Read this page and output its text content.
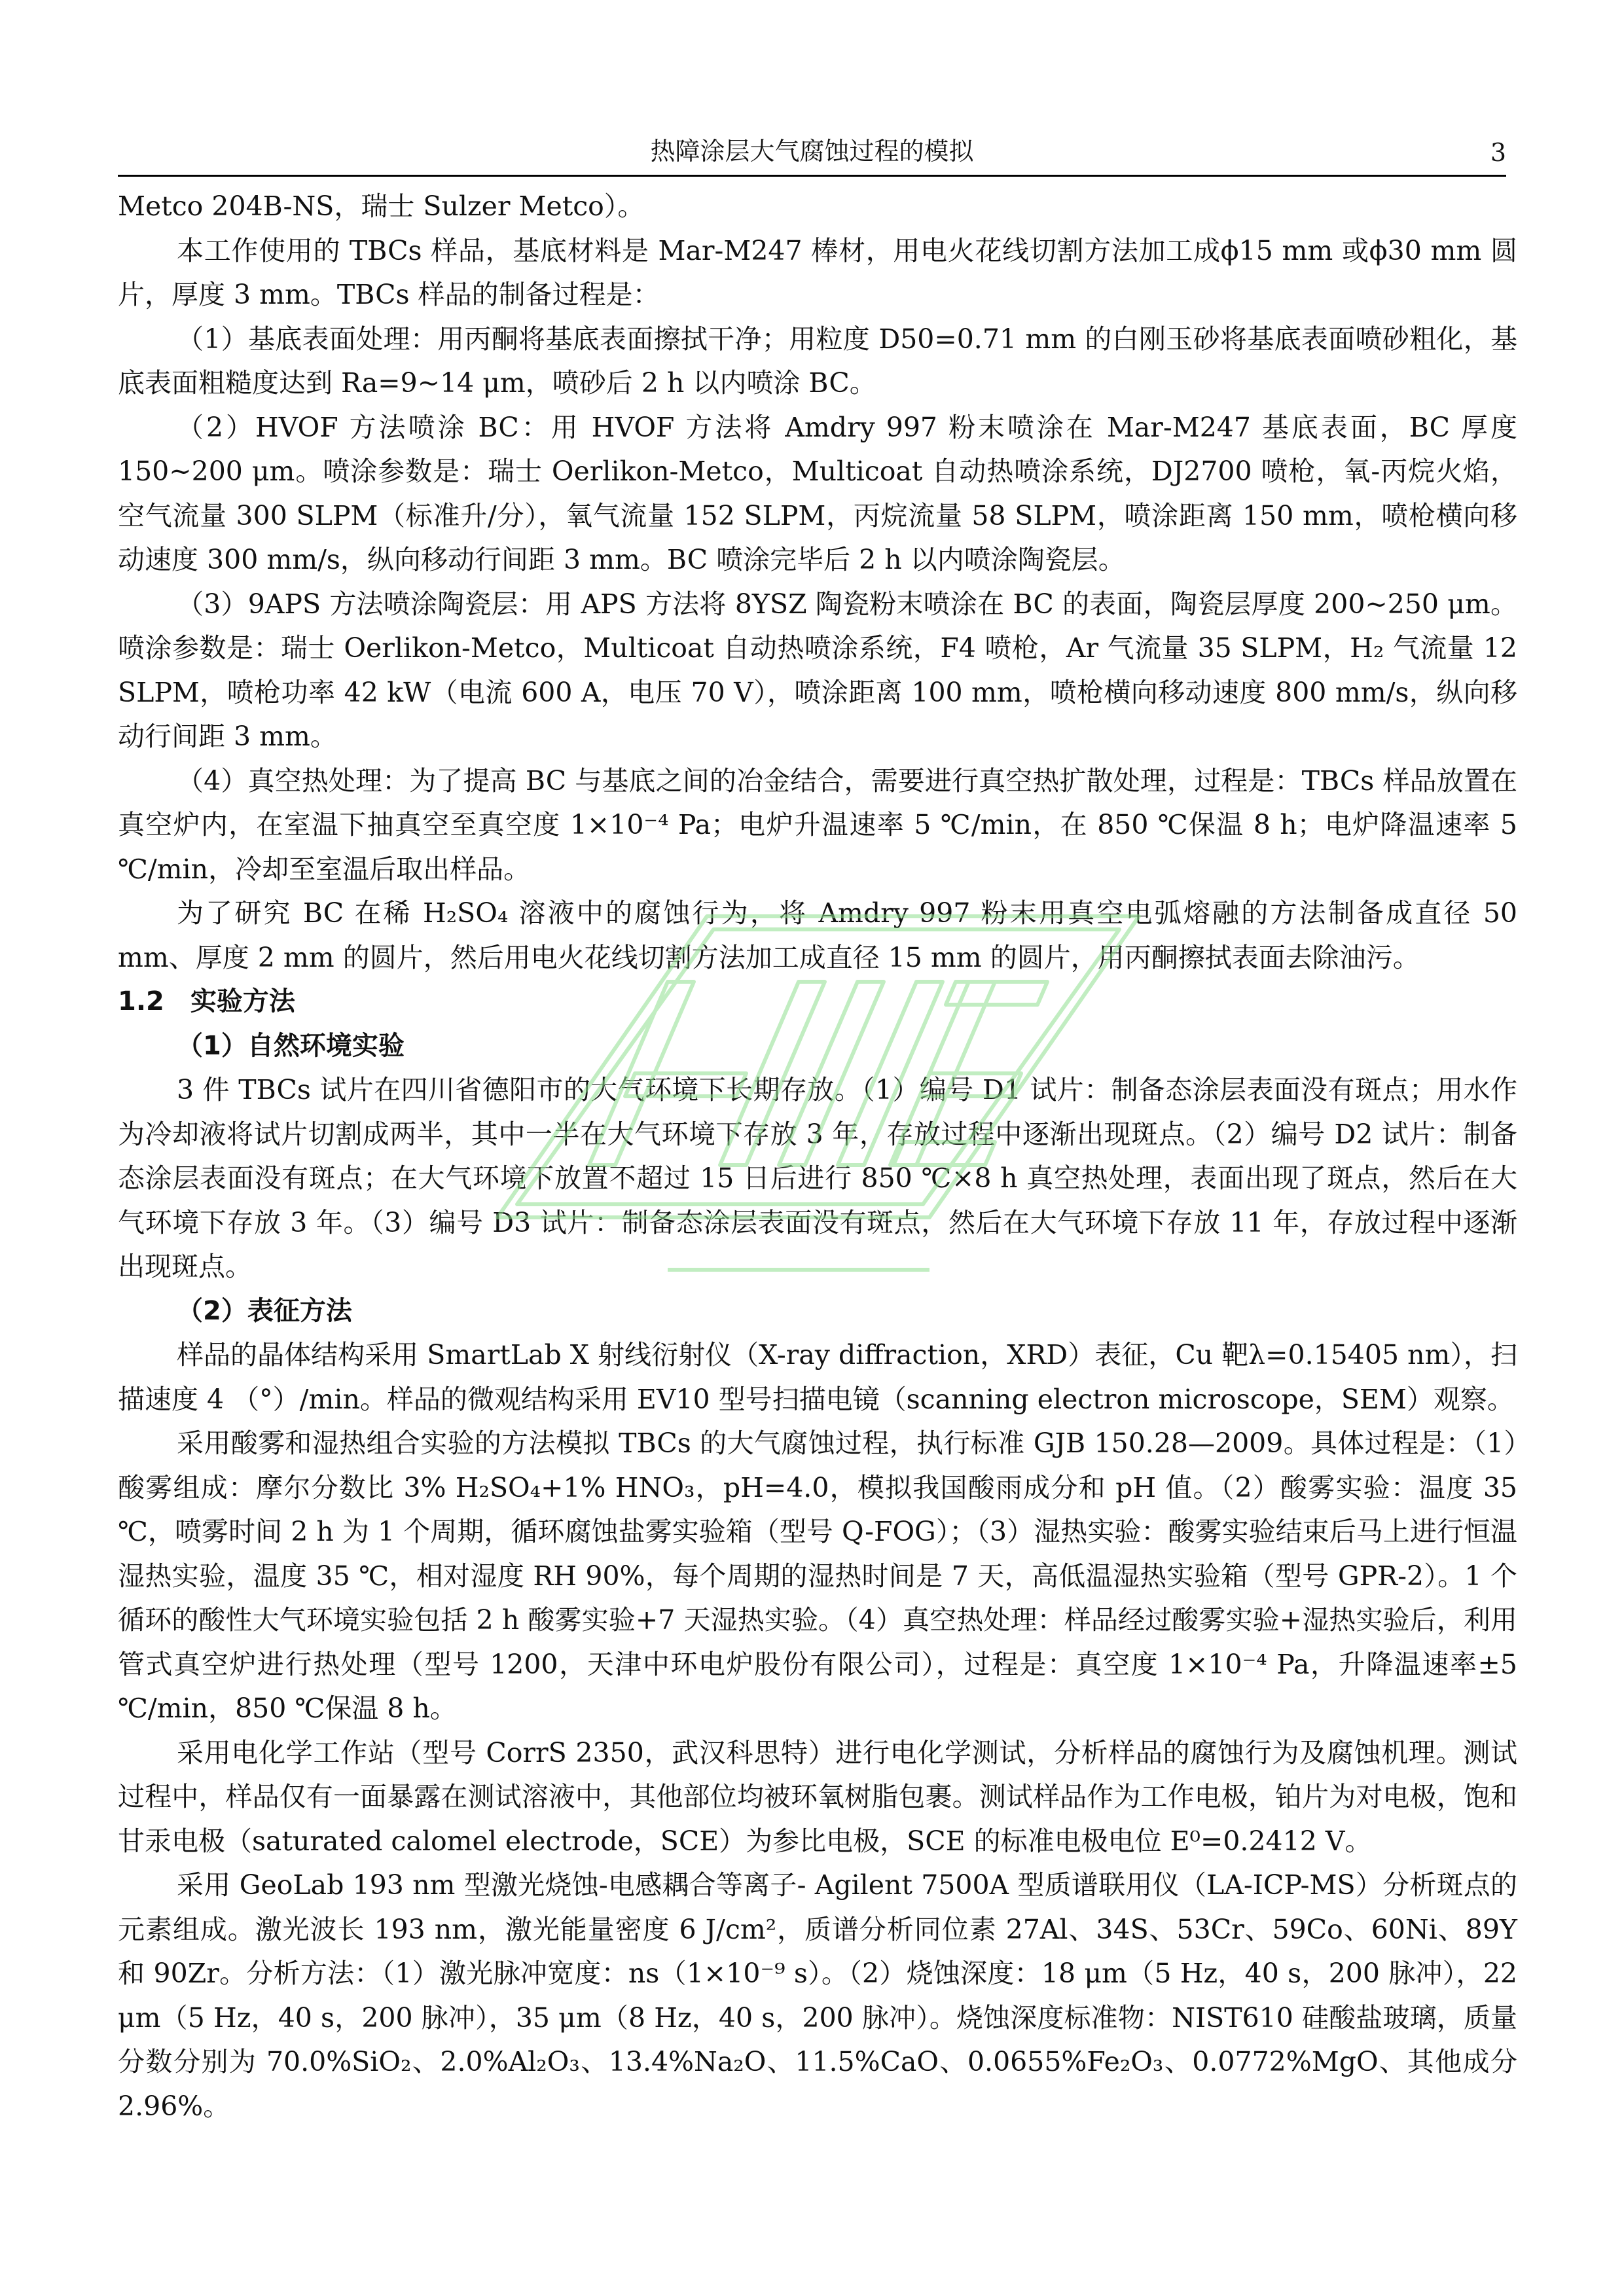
热障涂层大气腐蚀过程的模拟	3

Metco 204B-NS，瑞士 Sulzer Metco）。

本工作使用的 TBCs 样品，基底材料是 Mar-M247 棒材，用电火花线切割方法加工成ϕ15 mm 或ϕ30 mm 圆片，厚度 3 mm。TBCs 样品的制备过程是：

（1）基底表面处理：用丙酮将基底表面擦拭干净；用粒度 D50=0.71 mm 的白刚玉砂将基底表面喷砂粗化，基底表面粗糙度达到 Ra=9~14 μm，喷砂后 2 h 以内喷涂 BC。

（2）HVOF 方法喷涂 BC：用 HVOF 方法将 Amdry 997 粉末喷涂在 Mar-M247 基底表面，BC 厚度 150~200 μm。喷涂参数是：瑞士 Oerlikon-Metco，Multicoat 自动热喷涂系统，DJ2700 喷枪，氧-丙烷火焰，空气流量 300 SLPM（标准升/分），氧气流量 152 SLPM，丙烷流量 58 SLPM，喷涂距离 150 mm，喷枪横向移动速度 300 mm/s，纵向移动行间距 3 mm。BC 喷涂完毕后 2 h 以内喷涂陶瓷层。

（3）9APS 方法喷涂陶瓷层：用 APS 方法将 8YSZ 陶瓷粉末喷涂在 BC 的表面，陶瓷层厚度 200~250 μm。喷涂参数是：瑞士 Oerlikon-Metco，Multicoat 自动热喷涂系统，F4 喷枪，Ar 气流量 35 SLPM，H₂ 气流量 12 SLPM，喷枪功率 42 kW（电流 600 A，电压 70 V），喷涂距离 100 mm，喷枪横向移动速度 800 mm/s，纵向移动行间距 3 mm。

（4）真空热处理：为了提高 BC 与基底之间的冶金结合，需要进行真空热扩散处理，过程是：TBCs 样品放置在真空炉内，在室温下抽真空至真空度 1×10⁻⁴ Pa；电炉升温速率 5 ℃/min，在 850 ℃保温 8 h；电炉降温速率 5 ℃/min，冷却至室温后取出样品。

为了研究 BC 在稀 H₂SO₄ 溶液中的腐蚀行为，将 Amdry 997 粉末用真空电弧熔融的方法制备成直径 50 mm、厚度 2 mm 的圆片，然后用电火花线切割方法加工成直径 15 mm 的圆片，用丙酮擦拭表面去除油污。

1.2　实验方法

（1）自然环境实验

3 件 TBCs 试片在四川省德阳市的大气环境下长期存放。（1）编号 D1 试片：制备态涂层表面没有斑点；用水作为冷却液将试片切割成两半，其中一半在大气环境下存放 3 年，存放过程中逐渐出现斑点。（2）编号 D2 试片：制备态涂层表面没有斑点；在大气环境下放置不超过 15 日后进行 850 ℃×8 h 真空热处理，表面出现了斑点，然后在大气环境下存放 3 年。（3）编号 D3 试片：制备态涂层表面没有斑点，然后在大气环境下存放 11 年，存放过程中逐渐出现斑点。

（2）表征方法

样品的晶体结构采用 SmartLab X 射线衍射仪（X-ray diffraction，XRD）表征，Cu 靶λ=0.15405 nm），扫描速度 4 （°）/min。样品的微观结构采用 EV10 型号扫描电镜（scanning electron microscope，SEM）观察。

采用酸雾和湿热组合实验的方法模拟 TBCs 的大气腐蚀过程，执行标准 GJB 150.28—2009。具体过程是：（1）酸雾组成：摩尔分数比 3% H₂SO₄+1% HNO₃，pH=4.0，模拟我国酸雨成分和 pH 值。（2）酸雾实验：温度 35 ℃，喷雾时间 2 h 为 1 个周期，循环腐蚀盐雾实验箱（型号 Q-FOG）；（3）湿热实验：酸雾实验结束后马上进行恒温湿热实验，温度 35 ℃，相对湿度 RH 90%，每个周期的湿热时间是 7 天，高低温湿热实验箱（型号 GPR-2）。1 个循环的酸性大气环境实验包括 2 h 酸雾实验+7 天湿热实验。（4）真空热处理：样品经过酸雾实验+湿热实验后，利用管式真空炉进行热处理（型号 1200，天津中环电炉股份有限公司），过程是：真空度 1×10⁻⁴ Pa，升降温速率±5 ℃/min，850 ℃保温 8 h。

采用电化学工作站（型号 CorrS 2350，武汉科思特）进行电化学测试，分析样品的腐蚀行为及腐蚀机理。测试过程中，样品仅有一面暴露在测试溶液中，其他部位均被环氧树脂包裹。测试样品作为工作电极，铂片为对电极，饱和甘汞电极（saturated calomel electrode，SCE）为参比电极，SCE 的标准电极电位 E⁰=0.2412 V。

采用 GeoLab 193 nm 型激光烧蚀-电感耦合等离子- Agilent 7500A 型质谱联用仪（LA-ICP-MS）分析斑点的元素组成。激光波长 193 nm，激光能量密度 6 J/cm²，质谱分析同位素 27Al、34S、53Cr、59Co、60Ni、89Y 和 90Zr。分析方法：（1）激光脉冲宽度：ns（1×10⁻⁹ s）。（2）烧蚀深度：18 μm（5 Hz，40 s，200 脉冲），22 μm（5 Hz，40 s，200 脉冲），35 μm（8 Hz，40 s，200 脉冲）。烧蚀深度标准物：NIST610 硅酸盐玻璃，质量分数分别为 70.0%SiO₂、2.0%Al₂O₃、13.4%Na₂O、11.5%CaO、0.0655%Fe₂O₃、0.0772%MgO、其他成分 2.96%。
